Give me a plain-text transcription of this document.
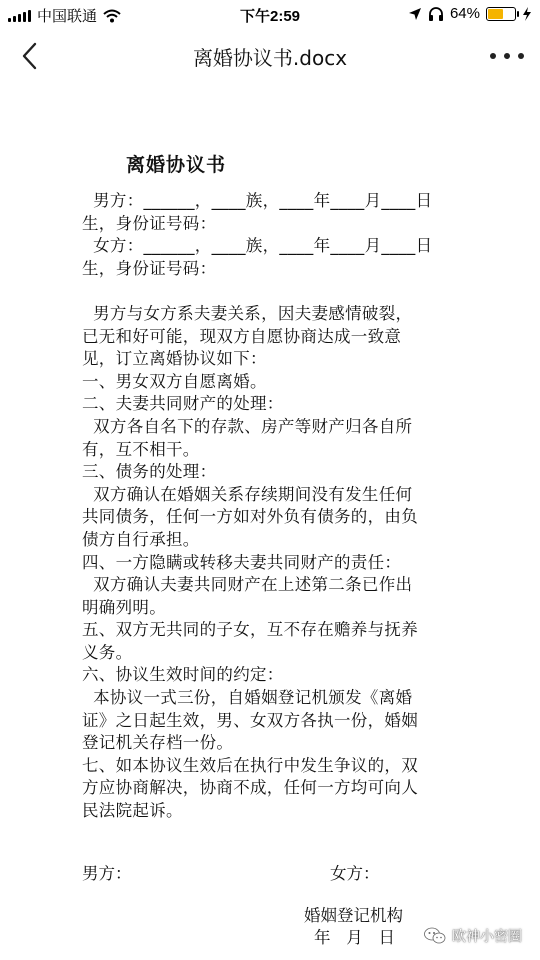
中国联通	下午2:59	64%
离婚协议书.docx
离婚协议书
男方：______，____族，____年____月____日
生，身份证号码：
女方：______，____族，____年____月____日
生，身份证号码：
男方与女方系夫妻关系，因夫妻感情破裂，
已无和好可能，现双方自愿协商达成一致意
见，订立离婚协议如下：
一、男女双方自愿离婚。
二、夫妻共同财产的处理：
双方各自名下的存款、房产等财产归各自所
有，互不相干。
三、债务的处理：
双方确认在婚姻关系存续期间没有发生任何
共同债务，任何一方如对外负有债务的，由负
债方自行承担。
四、一方隐瞒或转移夫妻共同财产的责任：
双方确认夫妻共同财产在上述第二条已作出
明确列明。
五、双方无共同的子女，互不存在赡养与抚养
义务。
六、协议生效时间的约定：
本协议一式三份，自婚姻登记机颁发《离婚
证》之日起生效，男、女双方各执一份，婚姻
登记机关存档一份。
七、如本协议生效后在执行中发生争议的，双
方应协商解决，协商不成，任何一方均可向人
民法院起诉。
男方：	女方：
婚姻登记机构
年   月   日	欧神小密圈
